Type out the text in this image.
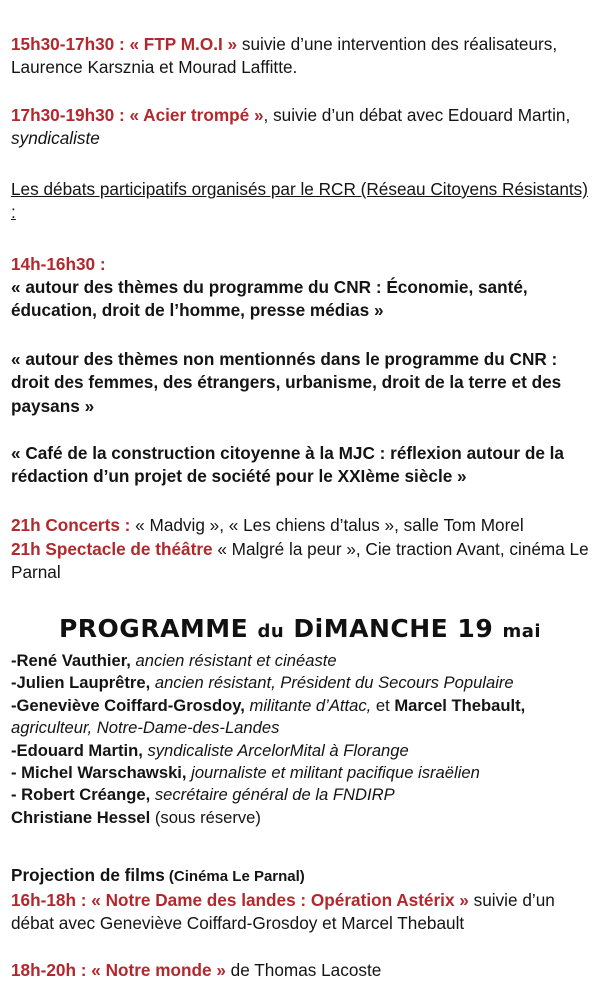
15h30-17h30 : « FTP M.O.I » suivie d’une intervention des réalisateurs, Laurence Karsznia et Mourad Laffitte.

17h30-19h30 : « Acier trompé », suivie d’un débat avec Edouard Martin, syndicaliste

Les débats participatifs organisés par le RCR (Réseau Citoyens Résistants) :

14h-16h30 :

« autour des thèmes du programme du CNR : Économie, santé, éducation, droit de l’homme, presse médias »

« autour des thèmes non mentionnés dans le programme du CNR : droit des femmes, des étrangers, urbanisme, droit de la terre et des paysans »

« Café de la construction citoyenne à la MJC : réflexion autour de la rédaction d’un projet de société pour le XXIème siècle »

21h Concerts : « Madvig », « Les chiens d’talus », salle Tom Morel

21h Spectacle de théâtre « Malgré la peur », Cie traction Avant, cinéma Le Parnal

PROGRAMME du DiMANCHE 19 mai
-René Vauthier, ancien résistant et cinéaste
-Julien Lauprêtre, ancien résistant, Président du Secours Populaire
-Geneviève Coiffard-Grosdoy, militante d’Attac, et Marcel Thebault, agriculteur, Notre-Dame-des-Landes
-Edouard Martin, syndicaliste ArcelorMital à Florange
- Michel Warschawski, journaliste et militant pacifique israëlien
- Robert Créange, secrétaire général de la FNDIRP
Christiane Hessel (sous réserve)

Projection de films (Cinéma Le Parnal)

16h-18h : « Notre Dame des landes : Opération Astérix » suivie d’un débat avec Geneviève Coiffard-Grosdoy et Marcel Thebault

18h-20h : « Notre monde » de Thomas Lacoste
